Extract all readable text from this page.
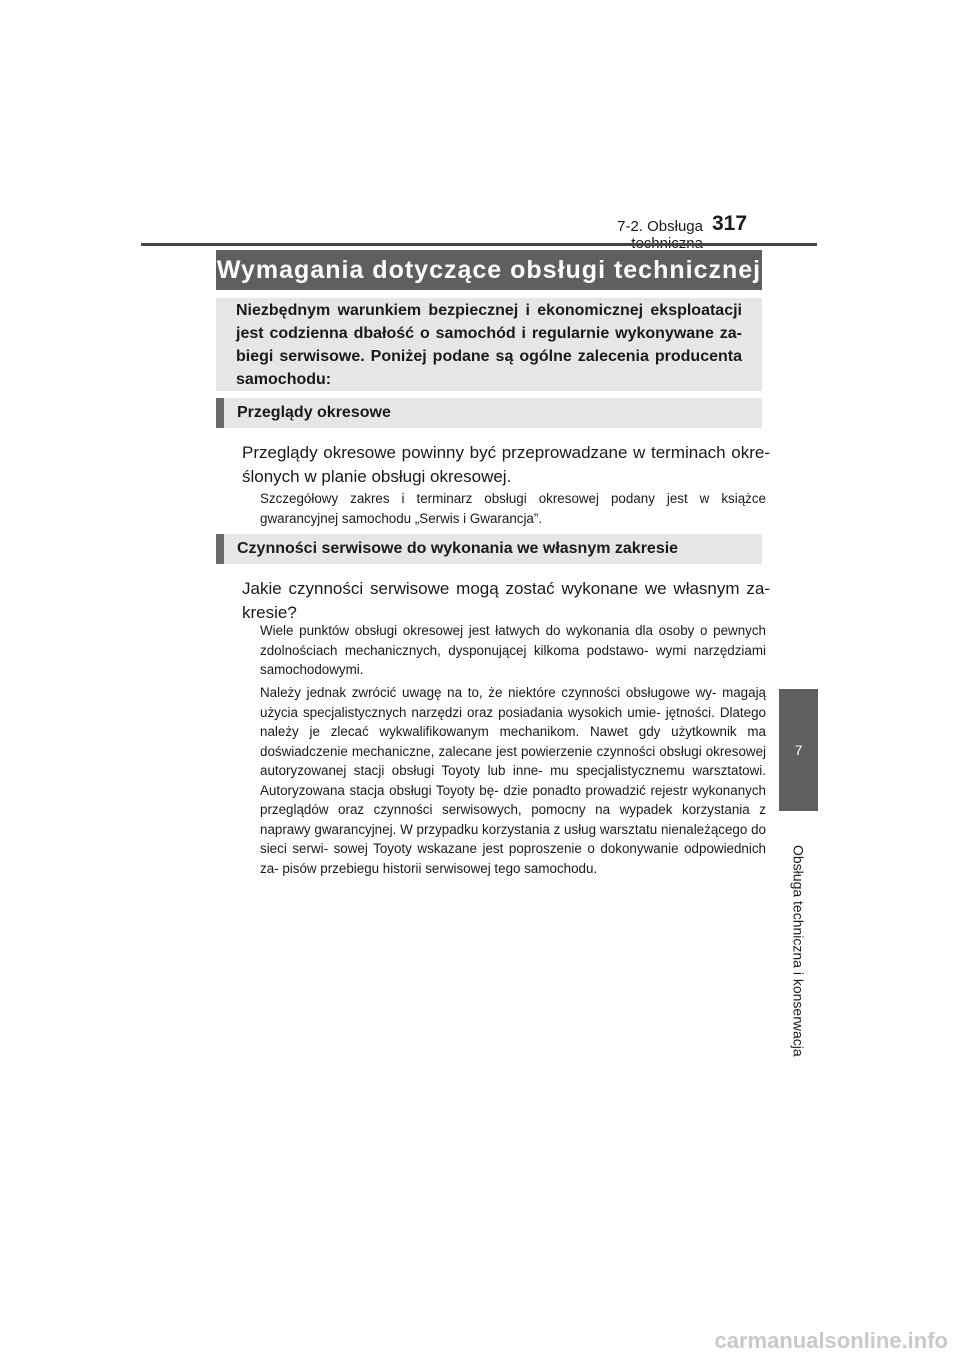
7-2. Obsługa 317
Wymagania dotyczące obsługi technicznej
Niezbędnym warunkiem bezpiecznej i ekonomicznej eksploatacji jest codzienna dbałość o samochód i regularnie wykonywane za- biegi serwisowe. Poniżej podane są ogólne zalecenia producenta samochodu:
Przeglądy okresowe
Przeglądy okresowe powinny być przeprowadzane w terminach okre- ślonych w planie obsługi okresowej.

Szczegółowy zakres i terminarz obsługi okresowej podany jest w książce gwarancyjnej samochodu „Serwis i Gwarancja”.

Czynności serwisowe do wykonania we własnym zakresie
Jakie czynności serwisowe mogą zostać wykonane we własnym za- kresie?

Wiele punktów obsługi okresowej jest łatwych do wykonania dla osoby o pewnych zdolnościach mechanicznych, dysponującej kilkoma podstawo- wymi narzędziami samochodowymi.

Należy jednak zwrócić uwagę na to, że niektóre czynności obsługowe wy- magają użycia specjalistycznych narzędzi oraz posiadania wysokich umie- jętności. Dlatego należy je zlecać wykwalifikowanym mechanikom. Nawet gdy użytkownik ma doświadczenie mechaniczne, zalecane jest powierzenie czynności obsługi okresowej autoryzowanej stacji obsługi Toyoty lub inne- mu specjalistycznemu warsztatowi. Autoryzowana stacja obsługi Toyoty bę- dzie ponadto prowadzić rejestr wykonanych przeglądów oraz czynności serwisowych, pomocny na wypadek korzystania z naprawy gwarancyjnej. W przypadku korzystania z usług warsztatu nienależącego do sieci serwi- sowej Toyoty wskazane jest poproszenie o dokonywanie odpowiednich za- pisów przebiegu historii serwisowej tego samochodu.

7
Obsługa techniczna i konserwacja
carmanualsonline.info
